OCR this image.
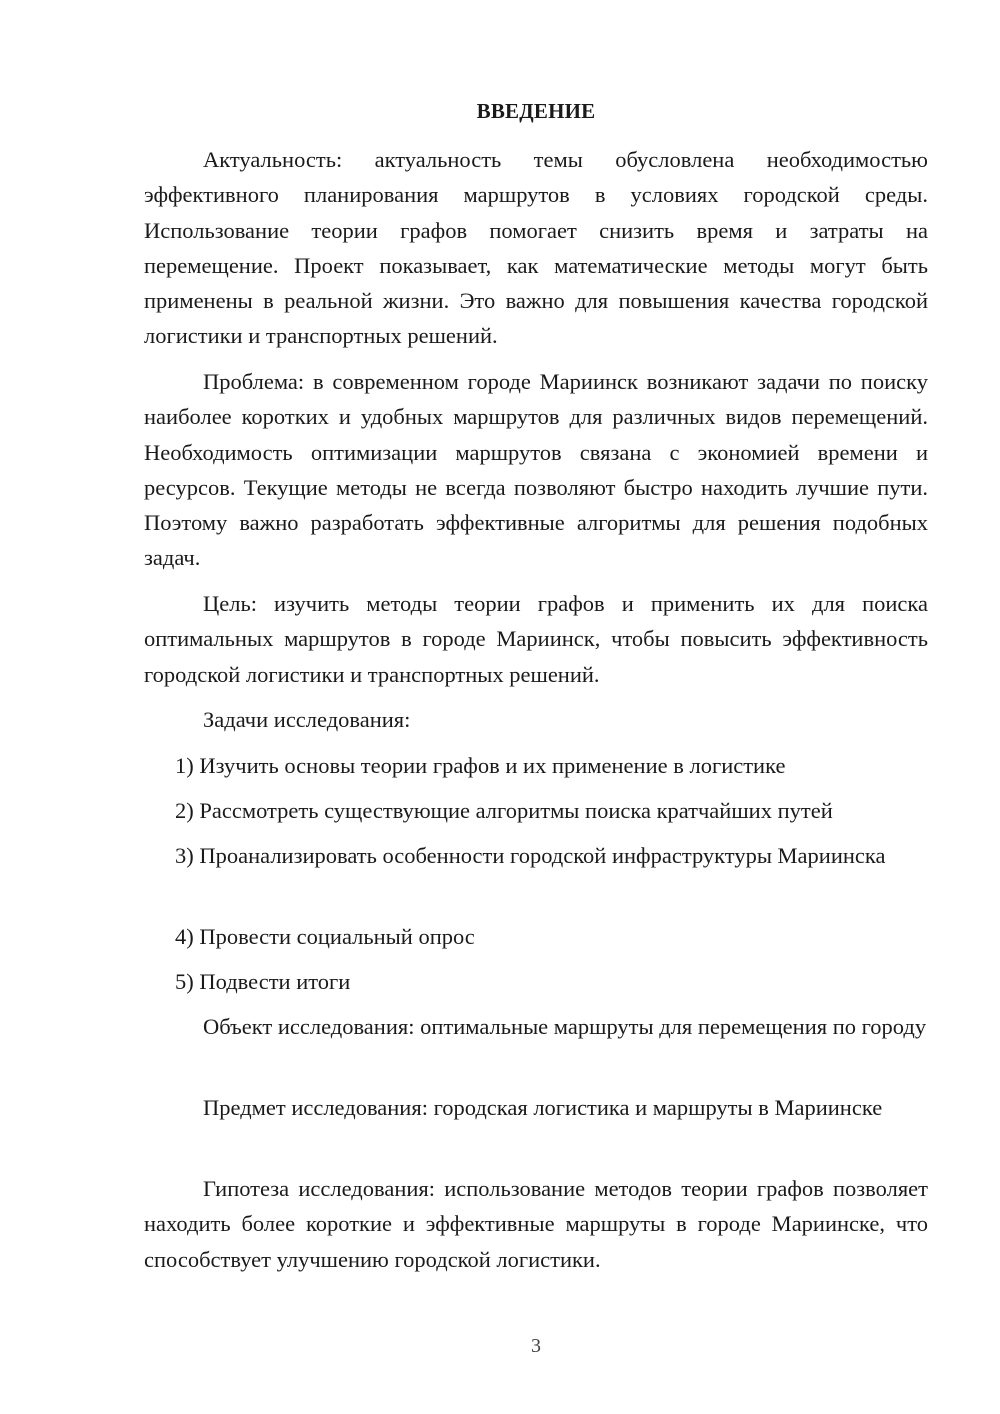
ВВЕДЕНИЕ

Актуальность: актуальность темы обусловлена необходимостью эффективного планирования маршрутов в условиях городской среды. Использование теории графов помогает снизить время и затраты на перемещение. Проект показывает, как математические методы могут быть применены в реальной жизни. Это важно для повышения качества городской логистики и транспортных решений.

Проблема: в современном городе Мариинск возникают задачи по поиску наиболее коротких и удобных маршрутов для различных видов перемещений. Необходимость оптимизации маршрутов связана с экономией времени и ресурсов. Текущие методы не всегда позволяют быстро находить лучшие пути. Поэтому важно разработать эффективные алгоритмы для решения подобных задач.

Цель: изучить методы теории графов и применить их для поиска оптимальных маршрутов в городе Мариинск, чтобы повысить эффективность городской логистики и транспортных решений.

Задачи исследования:

1) Изучить основы теории графов и их применение в логистике

2) Рассмотреть существующие алгоритмы поиска кратчайших путей

3) Проанализировать особенности городской инфраструктуры Мариинска

4) Провести социальный опрос

5) Подвести итоги

Объект исследования: оптимальные маршруты для перемещения по городу

Предмет исследования: городская логистика и маршруты в Мариинске

Гипотеза исследования: использование методов теории графов позволяет находить более короткие и эффективные маршруты в городе Мариинске, что способствует улучшению городской логистики.

3
